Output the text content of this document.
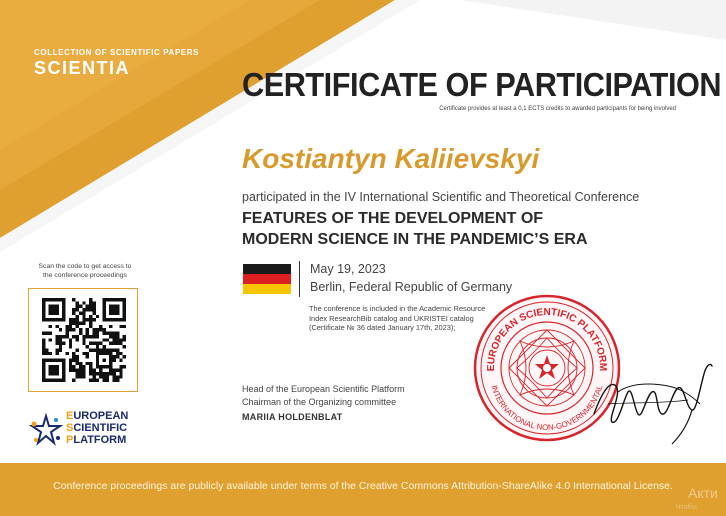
COLLECTION OF SCIENTIFIC PAPERS
SCIENTIA	CERTIFICATE OF PARTICIPATION
Certificate provides at least a 0,1 ECTS credits to awarded participants for being involved
Kostiantyn Kaliievskyi
participated in the IV International Scientific and Theoretical Conference
FEATURES OF THE DEVELOPMENT OF
MODERN SCIENCE IN THE PANDEMIC’S ERA
May 19, 2023
Berlin, Federal Republic of Germany
The conference is included in the Academic Resource
Index ResearchBib catalog and UKRISTEI catalog
(Certificate № 36 dated January 17th, 2023);
Scan the code to get access to
the conference proceedings
EUROPEAN
SCIENTIFIC
PLATFORM
Head of the European Scientific Platform
Chairman of the Organizing committee
MARIIA HOLDENBLAT
EUROPEAN SCIENTIFIC PLATFORM
INTERNATIONAL NON-GOVERNMENTAL
Conference proceedings are publicly available under terms of the Creative Commons Attribution-ShareAlike 4.0 International License.	Акти
Чтобы
